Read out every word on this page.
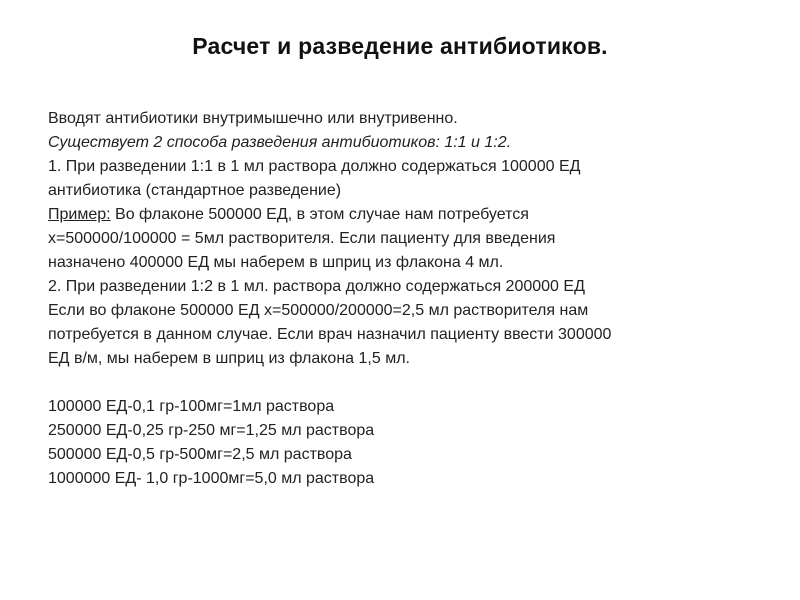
Расчет и разведение антибиотиков.
Вводят антибиотики внутримышечно или внутривенно.
Существует 2 способа разведения антибиотиков: 1:1 и 1:2.
1. При разведении 1:1 в 1 мл раствора должно содержаться 100000 ЕД
антибиотика (стандартное разведение)
Пример: Во флаконе 500000 ЕД, в этом случае нам потребуется
х=500000/100000 = 5мл растворителя. Если пациенту для введения
назначено 400000 ЕД мы наберем в шприц из флакона 4 мл.
2. При разведении 1:2 в 1 мл. раствора должно содержаться 200000 ЕД
Если во флаконе 500000 ЕД х=500000/200000=2,5 мл растворителя нам
потребуется в данном случае. Если врач назначил пациенту ввести 300000
ЕД в/м, мы наберем в шприц из флакона 1,5 мл.
100000 ЕД-0,1 гр-100мг=1мл раствора
250000 ЕД-0,25 гр-250 мг=1,25 мл раствора
500000 ЕД-0,5 гр-500мг=2,5 мл раствора
1000000 ЕД- 1,0 гр-1000мг=5,0 мл раствора
